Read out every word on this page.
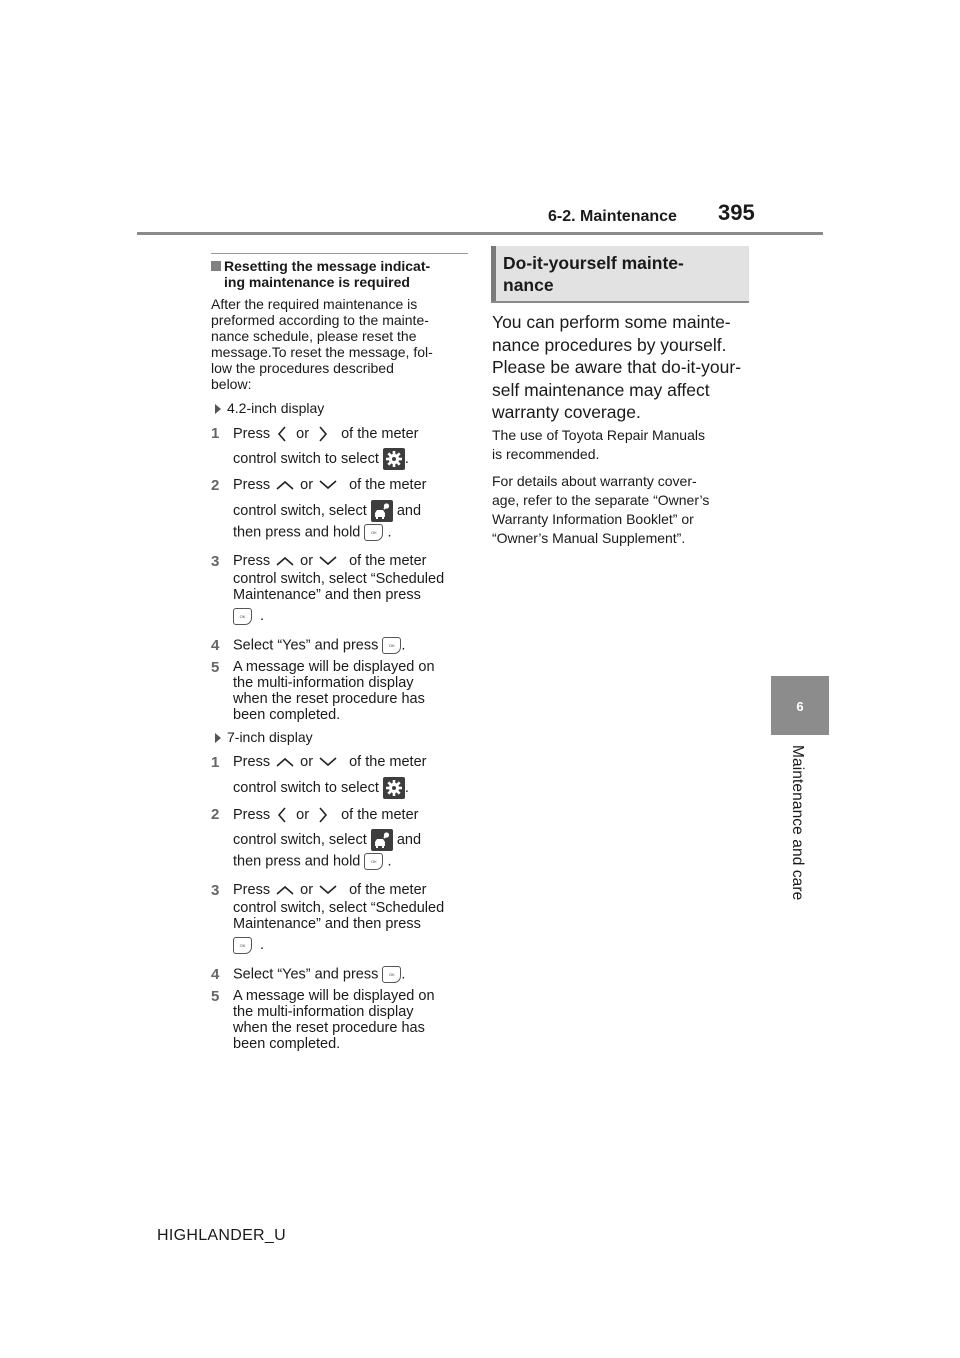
6-2. Maintenance 395
6
Maintenance and care
Resetting the message indicat-
ing maintenance is required
After the required maintenance is
preformed according to the mainte-
nance schedule, please reset the
message.To reset the message, fol-
low the procedures described
below:
4.2-inch display
1 Press or of the meter
control switch to select .
2 Press or of the meter
control switch, select and
then press and hold	OK .
3 Press or of the meter
control switch, select “Scheduled
Maintenance” and then press
OK .
4 Select “Yes” and press	OK .
5 A message will be displayed on
the multi-information display
when the reset procedure has
been completed.
7-inch display
1 Press or of the meter
control switch to select .
2 Press or of the meter
control switch, select and
then press and hold	OK .
3 Press or of the meter
control switch, select “Scheduled
Maintenance” and then press
OK .
4 Select “Yes” and press	OK .
5 A message will be displayed on
the multi-information display
when the reset procedure has
been completed.
Do-it-yourself mainte-
nance
You can perform some mainte-
nance procedures by yourself.
Please be aware that do-it-your-
self maintenance may affect
warranty coverage.
The use of Toyota Repair Manuals
is recommended.
For details about warranty cover-
age, refer to the separate “Owner’s
Warranty Information Booklet” or
“Owner’s Manual Supplement”.
HIGHLANDER_U
